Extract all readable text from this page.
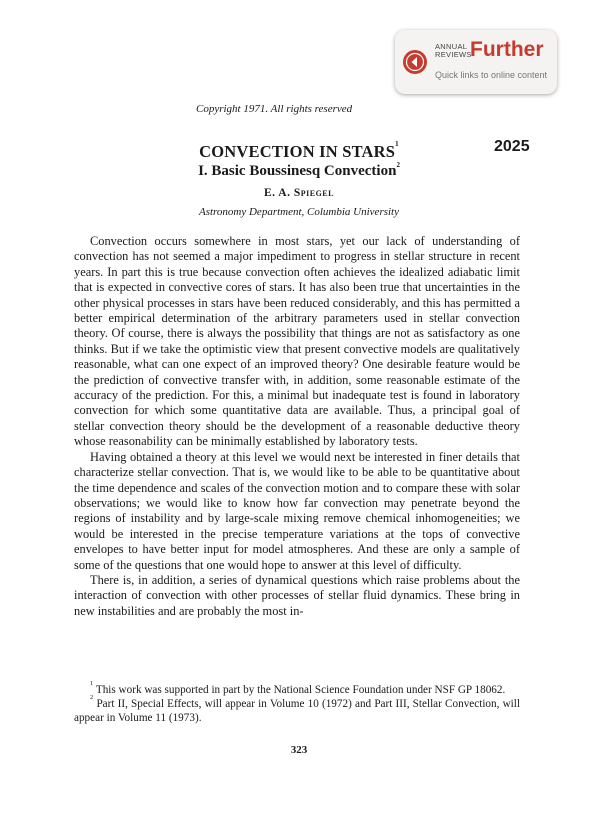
ANNUAL
REVIEWS
Further
Quick links to online content
Copyright 1971. All rights reserved
2025
CONVECTION IN STARS$^1$
I. Basic Boussinesq Convection$^2$
E. A. Spiegel
Astronomy Department, Columbia University

Convection occurs somewhere in most stars, yet our lack of understanding of convection has not seemed a major impediment to progress in stellar structure in recent years. In part this is true because convection often achieves the idealized adiabatic limit that is expected in convective cores of stars. It has also been true that uncertainties in the other physical processes in stars have been reduced considerably, and this has permitted a better empirical determination of the arbitrary parameters used in stellar convection theory. Of course, there is always the possibility that things are not as satisfactory as one thinks. But if we take the optimistic view that present convective models are qualitatively reasonable, what can one expect of an improved theory? One desirable feature would be the prediction of convective transfer with, in addition, some reasonable estimate of the accuracy of the prediction. For this, a minimal but inadequate test is found in laboratory convection for which some quantitative data are available. Thus, a principal goal of stellar convection theory should be the development of a reasonable deductive theory whose reasonability can be minimally established by laboratory tests.

Having obtained a theory at this level we would next be interested in finer details that characterize stellar convection. That is, we would like to be able to be quantitative about the time dependence and scales of the convection motion and to compare these with solar observations; we would like to know how far convection may penetrate beyond the regions of instability and by large-scale mixing remove chemical inhomogeneities; we would be interested in the precise temperature variations at the tops of convective envelopes to have better input for model atmospheres. And these are only a sample of some of the questions that one would hope to answer at this level of difficulty.

There is, in addition, a series of dynamical questions which raise problems about the interaction of convection with other processes of stellar fluid dynamics. These bring in new instabilities and are probably the most in-

$^1$ This work was supported in part by the National Science Foundation under NSF GP 18062.

$^2$ Part II, Special Effects, will appear in Volume 10 (1972) and Part III, Stellar Convection, will appear in Volume 11 (1973).

323
